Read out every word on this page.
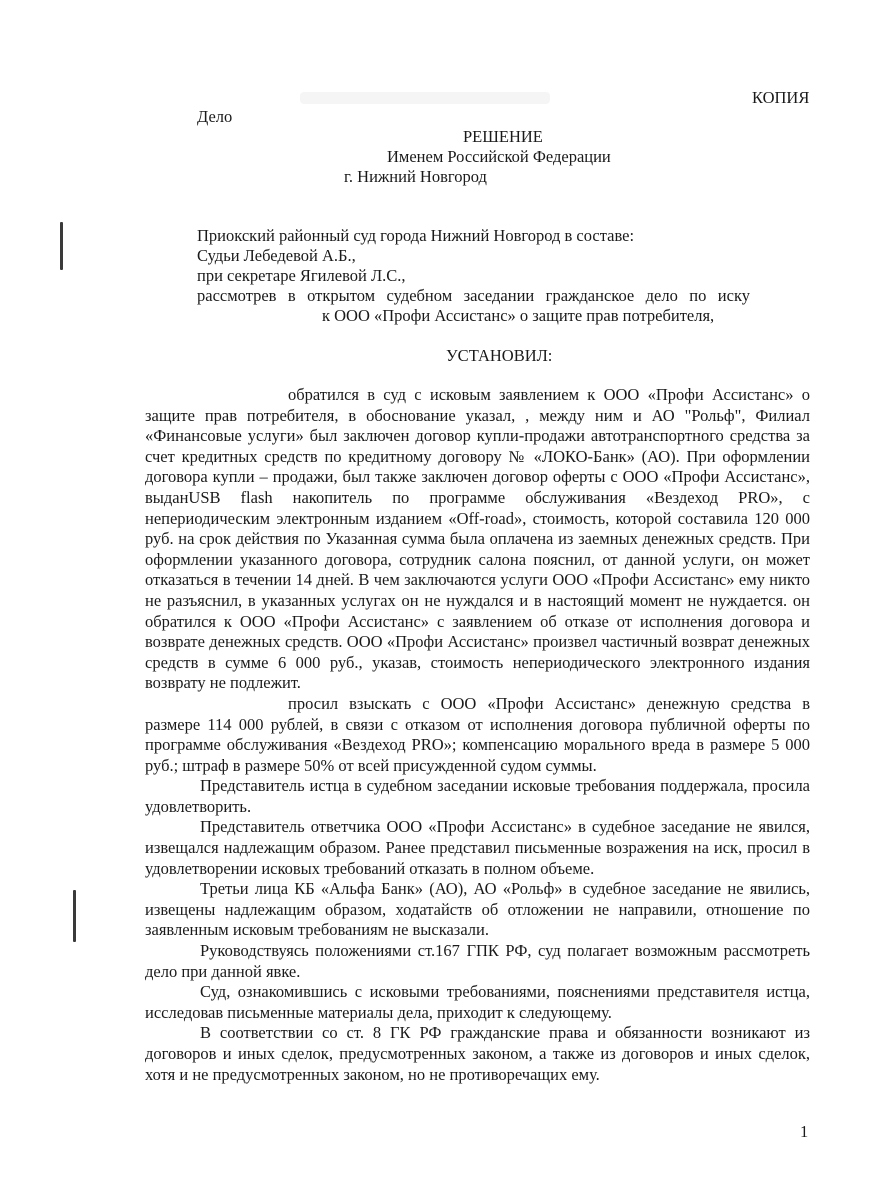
КОПИЯ
Дело
РЕШЕНИЕ
Именем Российской Федерации
г. Нижний Новгород
Приокский районный суд города Нижний Новгород в составе:
Судьи Лебедевой А.Б.,
при секретаре Ягилевой Л.С.,
рассмотрев в открытом судебном заседании гражданское дело по иску
к ООО «Профи Ассистанс» о защите прав потребителя,
УСТАНОВИЛ:

обратился в суд с исковым заявлением к ООО «Профи Ассистанс» о защите прав потребителя, в обоснование указал, , между ним и АО "Рольф", Филиал «Финансовые услуги» был заключен договор купли-продажи автотранспортного средства за счет кредитных средств по кредитному договору № «ЛОКО-Банк» (АО). При оформлении договора купли – продажи, был также заключен договор оферты с ООО «Профи Ассистанс», выданUSB flash накопитель по программе обслуживания «Вездеход PRO», с непериодическим электронным изданием «Off-road», стоимость, которой составила 120 000 руб. на срок действия по Указанная сумма была оплачена из заемных денежных средств. При оформлении указанного договора, сотрудник салона пояснил, от данной услуги, он может отказаться в течении 14 дней. В чем заключаются услуги ООО «Профи Ассистанс» ему никто не разъяснил, в указанных услугах он не нуждался и в настоящий момент не нуждается. он обратился к ООО «Профи Ассистанс» с заявлением об отказе от исполнения договора и возврате денежных средств. ООО «Профи Ассистанс» произвел частичный возврат денежных средств в сумме 6 000 руб., указав, стоимость непериодического электронного издания возврату не подлежит.

просил взыскать с ООО «Профи Ассистанс» денежную средства в размере 114 000 рублей, в связи с отказом от исполнения договора публичной оферты по программе обслуживания «Вездеход PRO»; компенсацию морального вреда в размере 5 000 руб.; штраф в размере 50% от всей присужденной судом суммы.

Представитель истца в судебном заседании исковые требования поддержала, просила удовлетворить.

Представитель ответчика ООО «Профи Ассистанс» в судебное заседание не явился, извещался надлежащим образом. Ранее представил письменные возражения на иск, просил в удовлетворении исковых требований отказать в полном объеме.

Третьи лица КБ «Альфа Банк» (АО), АО «Рольф» в судебное заседание не явились, извещены надлежащим образом, ходатайств об отложении не направили, отношение по заявленным исковым требованиям не высказали.

Руководствуясь положениями ст.167 ГПК РФ, суд полагает возможным рассмотреть дело при данной явке.

Суд, ознакомившись с исковыми требованиями, пояснениями представителя истца, исследовав письменные материалы дела, приходит к следующему.

В соответствии со ст. 8 ГК РФ гражданские права и обязанности возникают из договоров и иных сделок, предусмотренных законом, а также из договоров и иных сделок, хотя и не предусмотренных законом, но не противоречащих ему.

1
